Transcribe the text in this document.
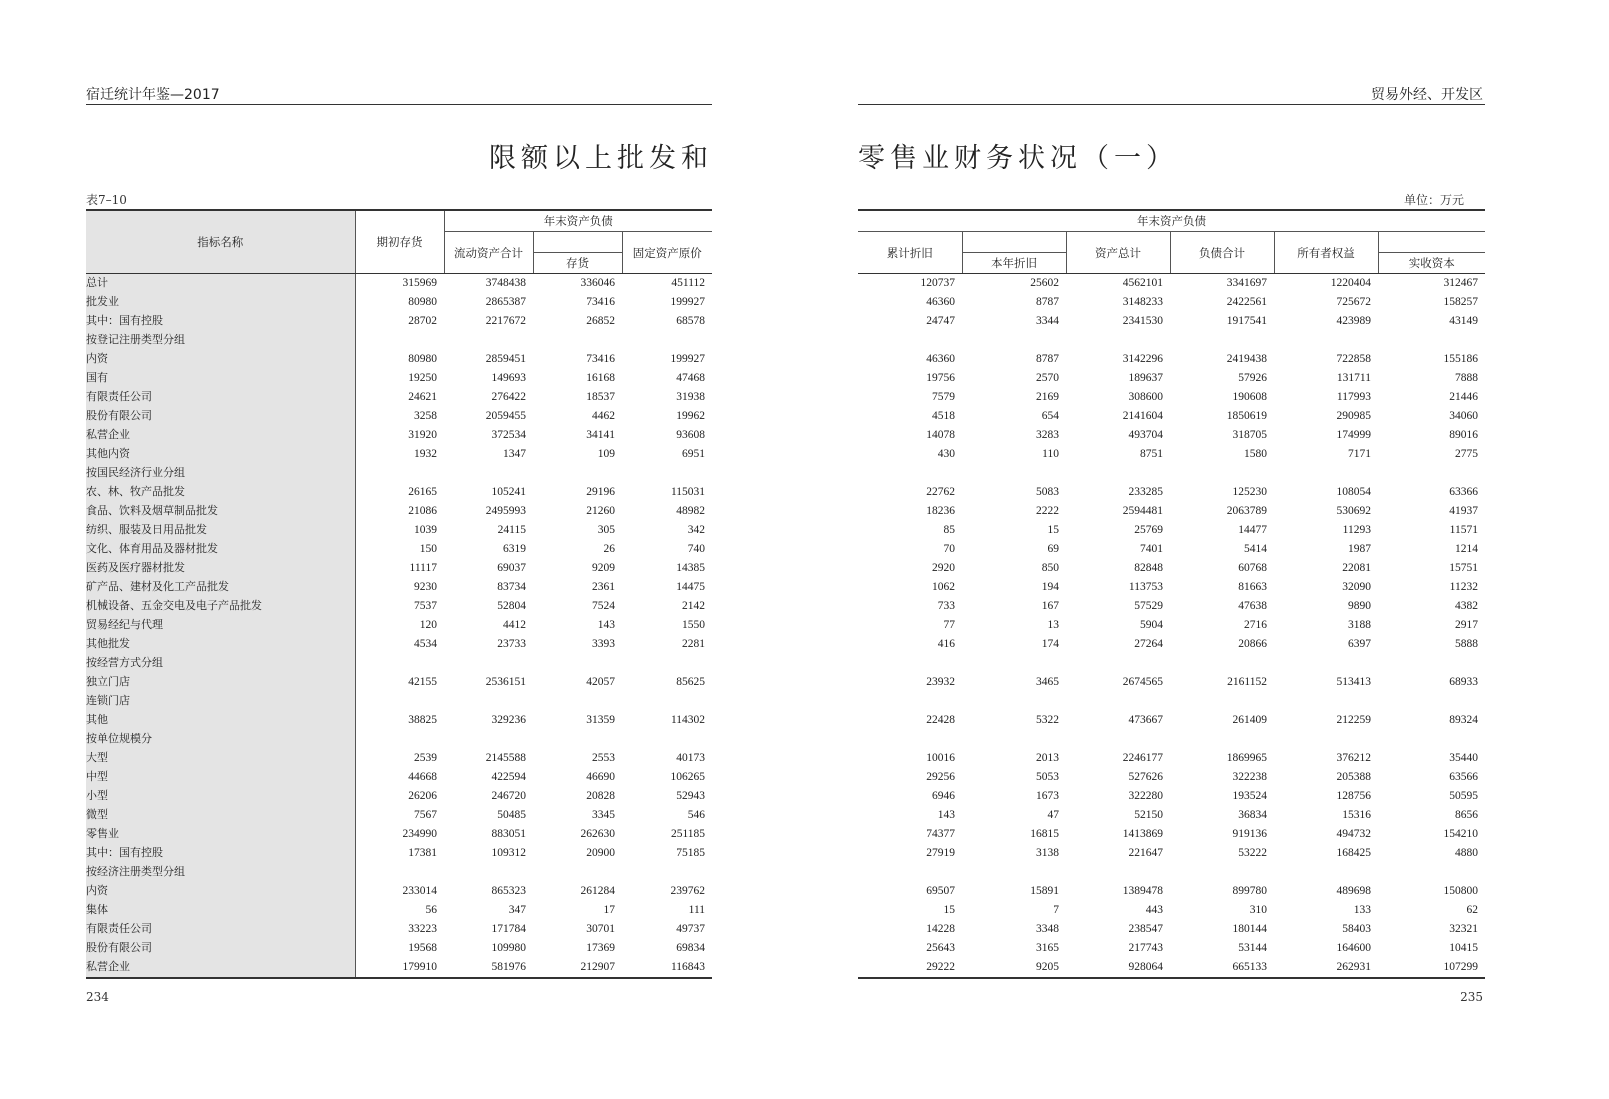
宿迁统计年鉴—2017	贸易外经、开发区
限额以上批发和	零售业财务状况（一）
表7–10	单位：万元
指标名称	期初存货	年末资产负债		
		流动资产合计		固定资产原价
			存货	
总计	315969	3748438	336046	451112
批发业	80980	2865387	73416	199927
其中：国有控股	28702	2217672	26852	68578
按登记注册类型分组				
内资	80980	2859451	73416	199927
国有	19250	149693	16168	47468
有限责任公司	24621	276422	18537	31938
股份有限公司	3258	2059455	4462	19962
私营企业	31920	372534	34141	93608
其他内资	1932	1347	109	6951
按国民经济行业分组				
农、林、牧产品批发	26165	105241	29196	115031
食品、饮料及烟草制品批发	21086	2495993	21260	48982
纺织、服装及日用品批发	1039	24115	305	342
文化、体育用品及器材批发	150	6319	26	740
医药及医疗器材批发	11117	69037	9209	14385
矿产品、建材及化工产品批发	9230	83734	2361	14475
机械设备、五金交电及电子产品批发	7537	52804	7524	2142
贸易经纪与代理	120	4412	143	1550
其他批发	4534	23733	3393	2281
按经营方式分组				
独立门店	42155	2536151	42057	85625
连锁门店				
其他	38825	329236	31359	114302
按单位规模分				
大型	2539	2145588	2553	40173
中型	44668	422594	46690	106265
小型	26206	246720	20828	52943
微型	7567	50485	3345	546
零售业	234990	883051	262630	251185
其中：国有控股	17381	109312	20900	75185
按经济注册类型分组				
内资	233014	865323	261284	239762
集体	56	347	17	111
有限责任公司	33223	171784	30701	49737
股份有限公司	19568	109980	17369	69834
私营企业	179910	581976	212907	116843
年末资产负债					
累计折旧		资产总计	负债合计	所有者权益	
	本年折旧				实收资本
120737	25602	4562101	3341697	1220404	312467
46360	8787	3148233	2422561	725672	158257
24747	3344	2341530	1917541	423989	43149

46360	8787	3142296	2419438	722858	155186
19756	2570	189637	57926	131711	7888
7579	2169	308600	190608	117993	21446
4518	654	2141604	1850619	290985	34060
14078	3283	493704	318705	174999	89016
430	110	8751	1580	7171	2775

22762	5083	233285	125230	108054	63366
18236	2222	2594481	2063789	530692	41937
85	15	25769	14477	11293	11571
70	69	7401	5414	1987	1214
2920	850	82848	60768	22081	15751
1062	194	113753	81663	32090	11232
733	167	57529	47638	9890	4382
77	13	5904	2716	3188	2917
416	174	27264	20866	6397	5888

23932	3465	2674565	2161152	513413	68933

22428	5322	473667	261409	212259	89324

10016	2013	2246177	1869965	376212	35440
29256	5053	527626	322238	205388	63566
6946	1673	322280	193524	128756	50595
143	47	52150	36834	15316	8656
74377	16815	1413869	919136	494732	154210
27919	3138	221647	53222	168425	4880

69507	15891	1389478	899780	489698	150800
15	7	443	310	133	62
14228	3348	238547	180144	58403	32321
25643	3165	217743	53144	164600	10415
29222	9205	928064	665133	262931	107299
234	235
